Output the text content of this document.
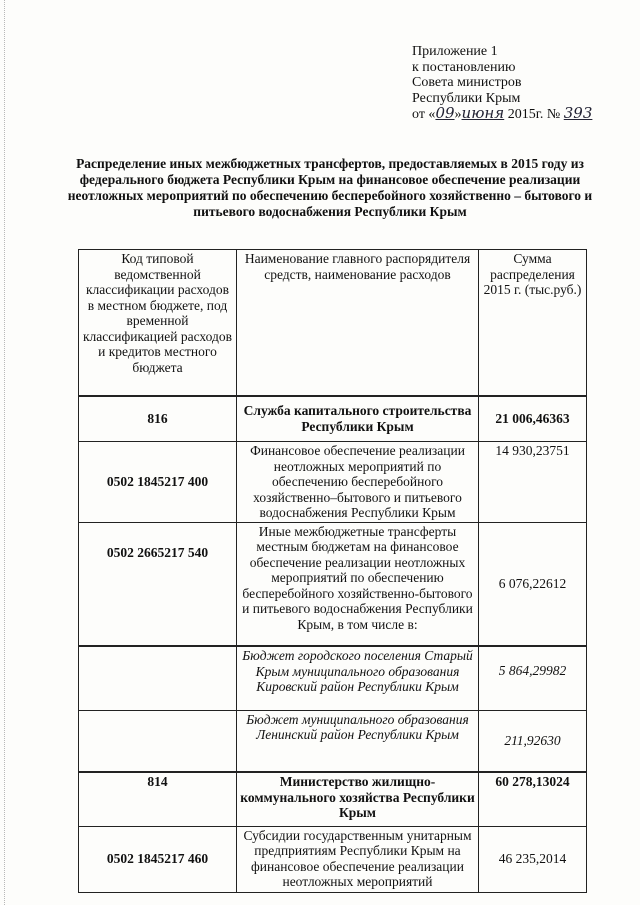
Приложение 1
к постановлению
Совета министров
Республики Крым
от «09»июня 2015г. № 393
Распределение иных межбюджетных трансфертов, предоставляемых в 2015 году из федерального бюджета Республики Крым на финансовое обеспечение реализации неотложных мероприятий по обеспечению бесперебойного хозяйственно – бытового и питьевого водоснабжения Республики Крым
Код типовой ведомственной классификации расходов в местном бюджете, под временной классификацией расходов и кредитов местного бюджета	Наименование главного распорядителя средств, наименование расходов	Сумма распределения 2015 г. (тыс.руб.)
816	Служба капитального строительства Республики Крым	21 006,46363
0502 1845217 400	Финансовое обеспечение реализации неотложных мероприятий по обеспечению бесперебойного хозяйственно–бытового и питьевого водоснабжения Республики Крым	14 930,23751
0502 2665217 540	Иные межбюджетные трансферты местным бюджетам на финансовое обеспечение реализации неотложных мероприятий по обеспечению бесперебойного хозяйственно-бытового и питьевого водоснабжения Республики Крым, в том числе в:	6 076,22612
	Бюджет городского поселения Старый Крым муниципального образования Кировский район Республики Крым	5 864,29982
	Бюджет муниципального образования Ленинский район Республики Крым	211,92630
814	Министерство жилищно-коммунального хозяйства Республики Крым	60 278,13024
0502 1845217 460	Субсидии государственным унитарным предприятиям Республики Крым на финансовое обеспечение реализации неотложных мероприятий	46 235,2014
